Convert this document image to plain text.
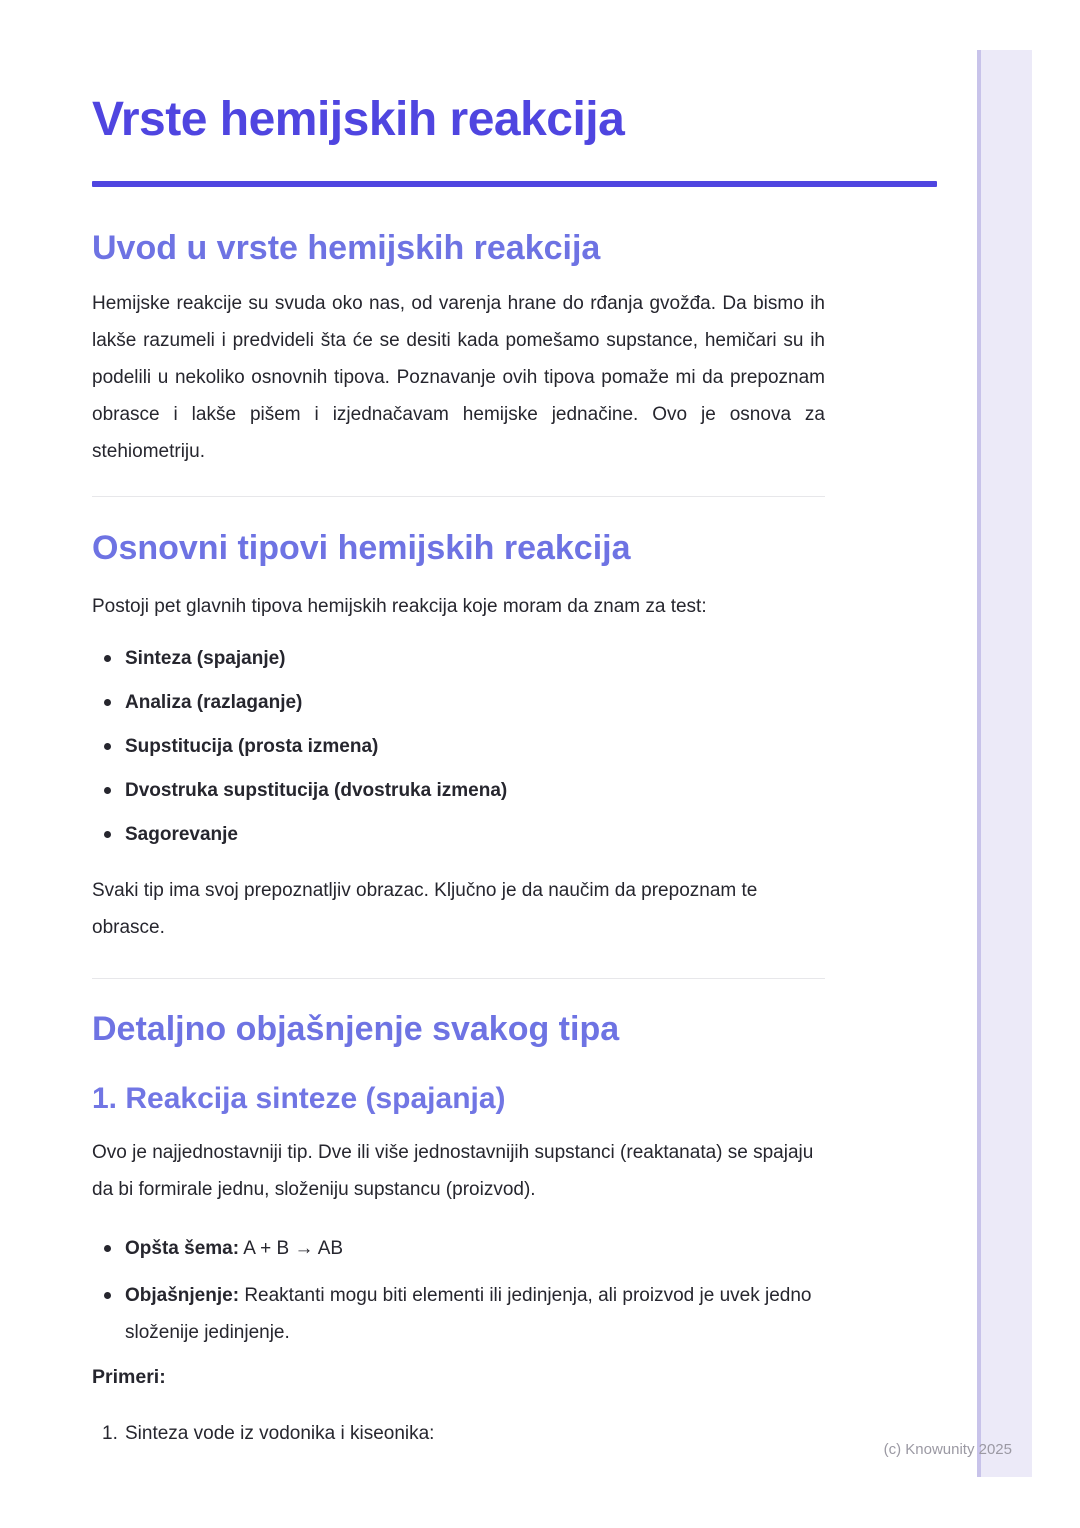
Vrste hemijskih reakcija
Uvod u vrste hemijskih reakcija

Hemijske reakcije su svuda oko nas, od varenja hrane do rđanja gvožđa. Da bismo ih lakše razumeli i predvideli šta će se desiti kada pomešamo supstance, hemičari su ih podelili u nekoliko osnovnih tipova. Poznavanje ovih tipova pomaže mi da prepoznam obrasce i lakše pišem i izjednačavam hemijske jednačine. Ovo je osnova za stehiometriju.

Osnovni tipovi hemijskih reakcija

Postoji pet glavnih tipova hemijskih reakcija koje moram da znam za test:

Sinteza (spajanje)
Analiza (razlaganje)
Supstitucija (prosta izmena)
Dvostruka supstitucija (dvostruka izmena)
Sagorevanje

Svaki tip ima svoj prepoznatljiv obrazac. Ključno je da naučim da prepoznam te obrasce.

Detaljno objašnjenje svakog tipa
1. Reakcija sinteze (spajanja)

Ovo je najjednostavniji tip. Dve ili više jednostavnijih supstanci (reaktanata) se spajaju da bi formirale jednu, složeniju supstancu (proizvod).

Opšta šema: A + B → AB
Objašnjenje: Reaktanti mogu biti elementi ili jedinjenja, ali proizvod je uvek jedno složenije jedinjenje.

Primeri:

1. Sinteza vode iz vodonika i kiseonika:
(c) Knowunity 2025
